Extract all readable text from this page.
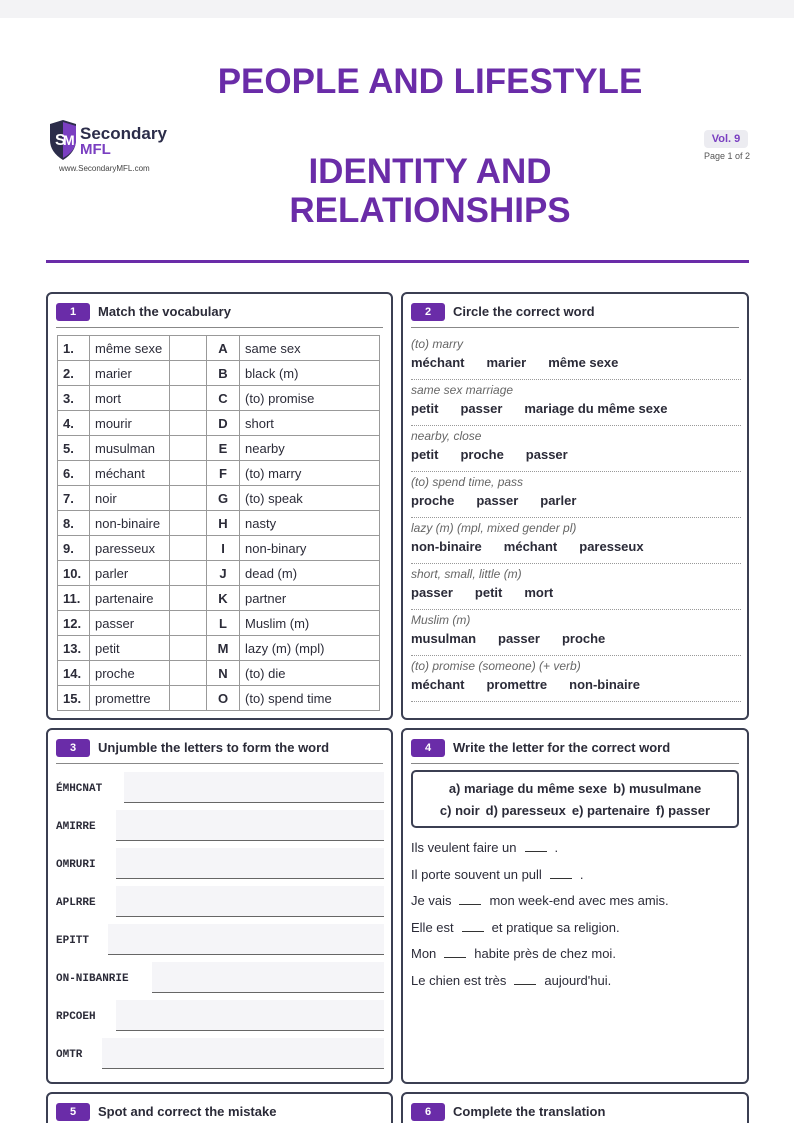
S
M Secondary
MFL
www.SecondaryMFL.com
PEOPLE AND LIFESTYLE
IDENTITY AND
RELATIONSHIPS
Vol. 9
Page 1 of 2
1	Match the vocabulary
1.	même sexe		A	same sex
2.	marier		B	black (m)
3.	mort		C	(to) promise
4.	mourir		D	short
5.	musulman		E	nearby
6.	méchant		F	(to) marry
7.	noir		G	(to) speak
8.	non-binaire		H	nasty
9.	paresseux		I	non-binary
10.	parler		J	dead (m)
11.	partenaire		K	partner
12.	passer		L	Muslim (m)
13.	petit		M	lazy (m) (mpl)
14.	proche		N	(to) die
15.	promettre		O	(to) spend time
2	Circle the correct word
(to) marry
méchant marier même sexe
same sex marriage
petit passer mariage du même sexe
nearby, close
petit proche passer
(to) spend time, pass
proche passer parler
lazy (m) (mpl, mixed gender pl)
non-binaire méchant paresseux
short, small, little (m)
passer petit mort
Muslim (m)
musulman passer proche
(to) promise (someone) (+ verb)
méchant promettre non-binaire
3	Unjumble the letters to form the word
ÉMHCNAT
AMIRRE
OMRURI
APLRRE
EPITT
ON-NIBANRIE
RPCOEH
OMTR
4	Write the letter for the correct word
a) mariage du même sexe b) musulmane
c) noir d) paresseux e) partenaire f) passer
Ils veulent faire un	.
Il porte souvent un pull	.
Je vais	mon week-end avec mes amis.
Elle est	et pratique sa religion.
Mon	habite près de chez moi.
Le chien est très	aujourd'hui.
5	Spot and correct the mistake	6	Complete the translation
